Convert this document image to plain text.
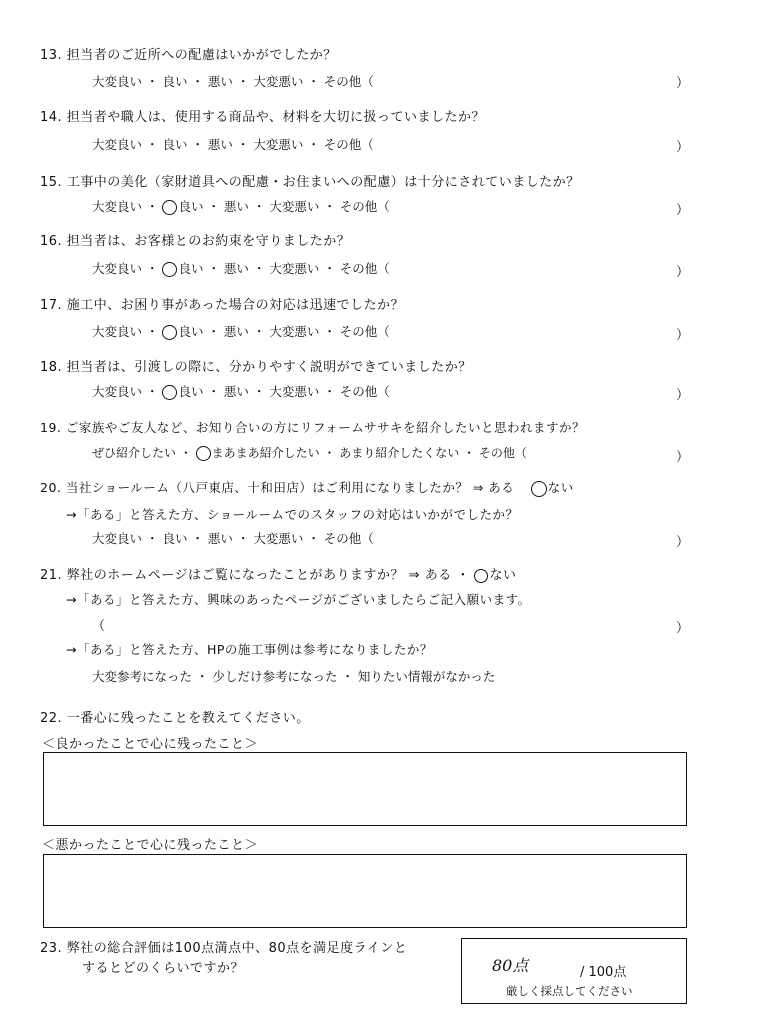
13. 担当者のご近所への配慮はいかがでしたか？
大変良い ・ 良い ・ 悪い ・ 大変悪い ・ その他（	）
14. 担当者や職人は、使用する商品や、材料を大切に扱っていましたか？
大変良い ・ 良い ・ 悪い ・ 大変悪い ・ その他（	）
15. 工事中の美化（家財道具への配慮・お住まいへの配慮）は十分にされていましたか？
大変良い ・ 良い ・ 悪い ・ 大変悪い ・ その他（	）
16. 担当者は、お客様とのお約束を守りましたか？
大変良い ・ 良い ・ 悪い ・ 大変悪い ・ その他（	）
17. 施工中、お困り事があった場合の対応は迅速でしたか？
大変良い ・ 良い ・ 悪い ・ 大変悪い ・ その他（	）
18. 担当者は、引渡しの際に、分かりやすく説明ができていましたか？
大変良い ・ 良い ・ 悪い ・ 大変悪い ・ その他（	）
19. ご家族やご友人など、お知り合いの方にリフォームササキを紹介したいと思われますか？
ぜひ紹介したい ・ まあまあ紹介したい ・ あまり紹介したくない ・ その他（	）
20. 当社ショールーム（八戸東店、十和田店）はご利用になりましたか？ ⇒ ある	ない
→「ある」と答えた方、ショールームでのスタッフの対応はいかがでしたか？
大変良い ・ 良い ・ 悪い ・ 大変悪い ・ その他（	）
21. 弊社のホームページはご覧になったことがありますか？ ⇒ ある ・ ない
→「ある」と答えた方、興味のあったページがございましたらご記入願います。
（	）
→「ある」と答えた方、HPの施工事例は参考になりましたか？
大変参考になった ・ 少しだけ参考になった ・ 知りたい情報がなかった
22. 一番心に残ったことを教えてください。
＜良かったことで心に残ったこと＞
＜悪かったことで心に残ったこと＞
23. 弊社の総合評価は100点満点中、80点を満足度ラインと
するとどのくらいですか？	80点	/ 100点
厳しく採点してください
